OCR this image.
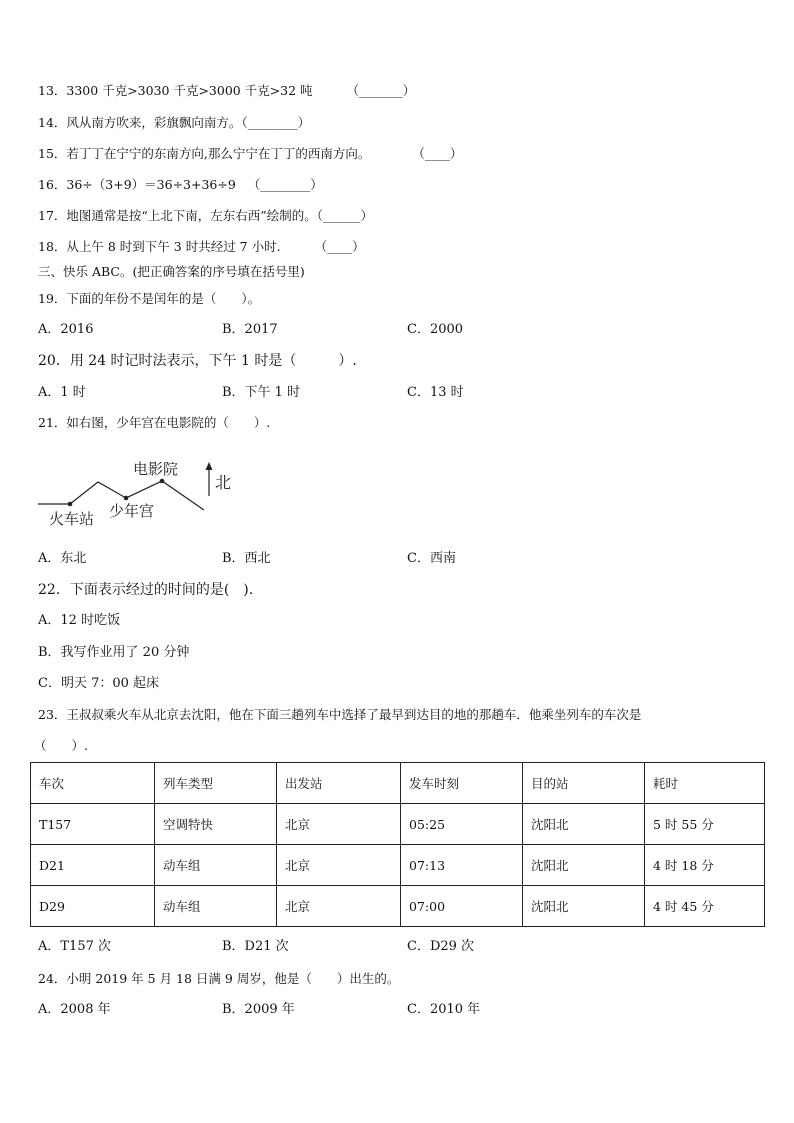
13．3300 千克>3030 千克>3000 千克>32 吨	（_______）
14．风从南方吹来，彩旗飘向南方。（________）
15．若丁丁在宁宁的东南方向,那么宁宁在丁丁的西南方向。	（____）
16．36÷（3+9）＝36÷3+36÷9 （________）
17．地图通常是按“上北下南，左东右西”绘制的。（______）
18．从上午 8 时到下午 3 时共经过 7 小时.	（____）
三、快乐 ABC。(把正确答案的序号填在括号里)
19．下面的年份不是闰年的是（　　）。
A．2016	B．2017	C．2000
20．用 24 时记时法表示，下午 1 时是（　　　）.
A．1 时	B．下午 1 时	C．13 时
21．如右图，少年宫在电影院的（　　）.
电影院
火车站 少年宫
北
A．东北	B．西北	C．西南
22．下面表示经过的时间的是(　).
A．12 时吃饭
B．我写作业用了 20 分钟
C．明天 7：00 起床
23．王叔叔乘火车从北京去沈阳，他在下面三趟列车中选择了最早到达目的地的那趟车．他乘坐列车的车次是
（　　）.
车次	列车类型	出发站	发车时刻	目的站	耗时
T157	空调特快	北京	05:25	沈阳北	5 时 55 分
D21	动车组	北京	07:13	沈阳北	4 时 18 分
D29	动车组	北京	07:00	沈阳北	4 时 45 分
A．T157 次	B．D21 次	C．D29 次
24．小明 2019 年 5 月 18 日满 9 周岁，他是（　　）出生的。
A．2008 年	B．2009 年	C．2010 年
